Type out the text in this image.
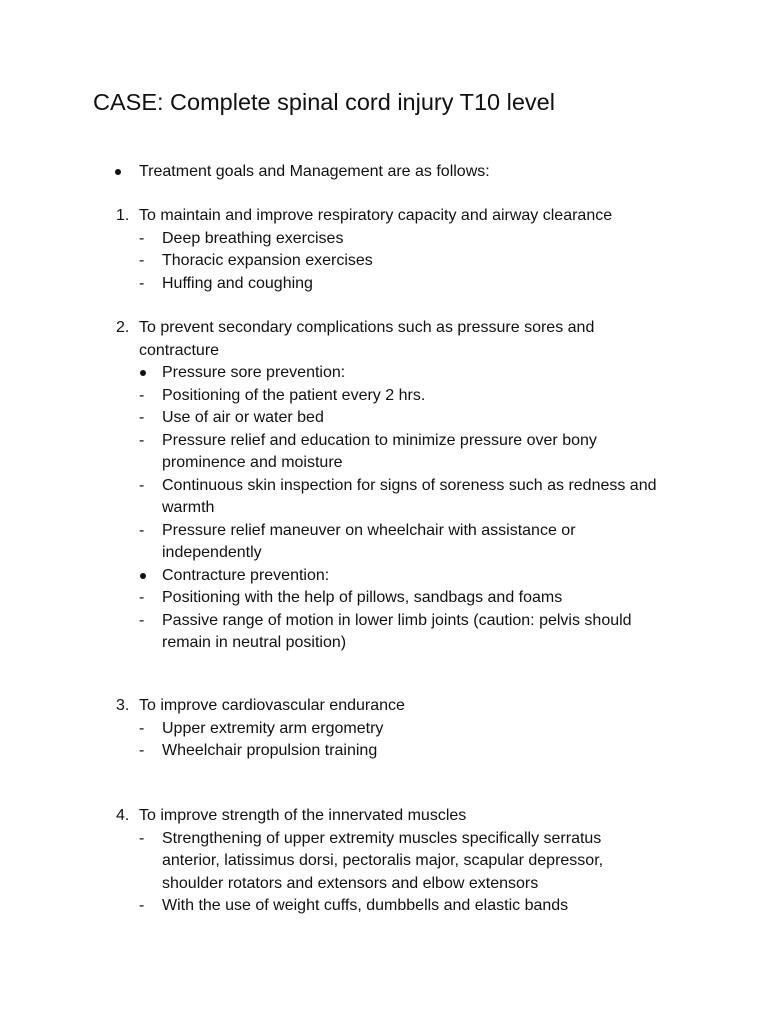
CASE: Complete spinal cord injury T10 level
Treatment goals and Management are as follows:
1. To maintain and improve respiratory capacity and airway clearance
- Deep breathing exercises
- Thoracic expansion exercises
- Huffing and coughing
2. To prevent secondary complications such as pressure sores and
contracture
Pressure sore prevention:
- Positioning of the patient every 2 hrs.
- Use of air or water bed
- Pressure relief and education to minimize pressure over bony
prominence and moisture
- Continuous skin inspection for signs of soreness such as redness and
warmth
- Pressure relief maneuver on wheelchair with assistance or
independently
Contracture prevention:
- Positioning with the help of pillows, sandbags and foams
- Passive range of motion in lower limb joints (caution: pelvis should
remain in neutral position)
3. To improve cardiovascular endurance
- Upper extremity arm ergometry
- Wheelchair propulsion training
4. To improve strength of the innervated muscles
- Strengthening of upper extremity muscles specifically serratus
anterior, latissimus dorsi, pectoralis major, scapular depressor,
shoulder rotators and extensors and elbow extensors
- With the use of weight cuffs, dumbbells and elastic bands
